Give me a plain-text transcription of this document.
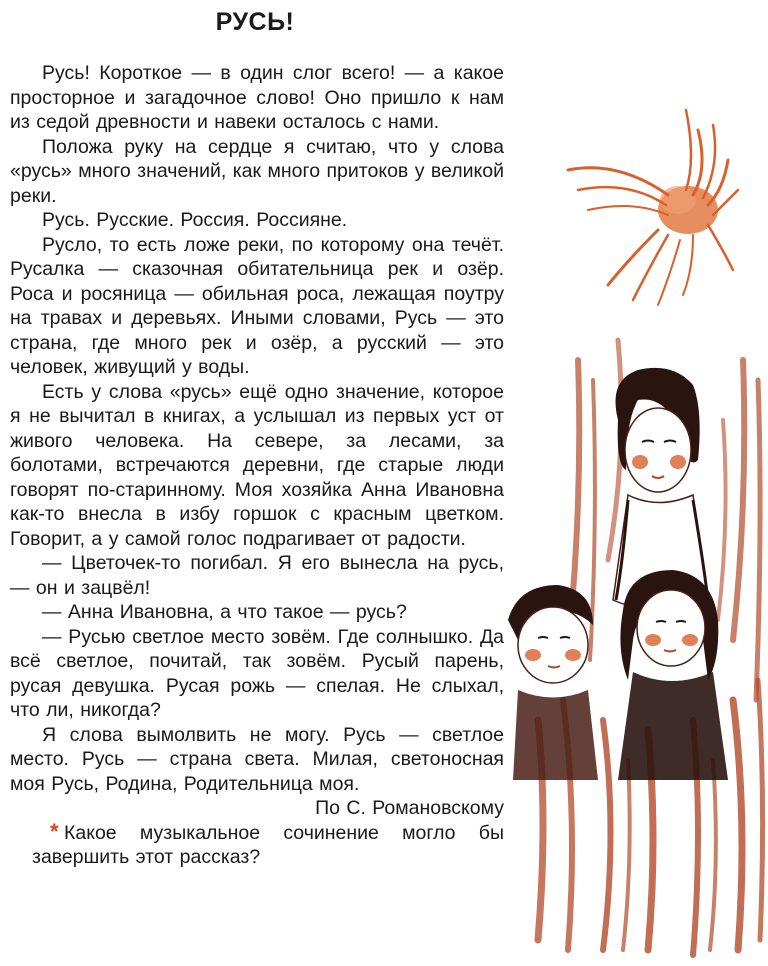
РУСЬ!

Русь! Короткое — в один слог всего! — а какое просторное и загадочное слово! Оно пришло к нам из седой древности и навеки осталось с нами.

Положа руку на сердце я считаю, что у слова «русь» много значений, как много притоков у великой реки.

Русь. Русские. Россия. Россияне.

Русло, то есть ложе реки, по которому она течёт. Русалка — сказочная обитательница рек и озёр. Роса и росяница — обильная роса, лежащая поутру на травах и деревьях. Иными словами, Русь — это страна, где много рек и озёр, а русский — это человек, живущий у воды.

Есть у слова «русь» ещё одно значение, которое я не вычитал в книгах, а услышал из первых уст от живого человека. На севере, за лесами, за болотами, встречаются деревни, где старые люди говорят по-старинному. Моя хозяйка Анна Ивановна как-то внесла в избу горшок с красным цветком. Говорит, а у самой голос подрагивает от радости.

— Цветочек-то погибал. Я его вынесла на русь, — он и зацвёл!

— Анна Ивановна, а что такое — русь?

— Русью светлое место зовём. Где солнышко. Да всё светлое, почитай, так зовём. Русый парень, русая девушка. Русая рожь — спелая. Не слыхал, что ли, никогда?

Я слова вымолвить не могу. Русь — светлое место. Русь — страна света. Милая, светоносная моя Русь, Родина, Родительница моя.

По С. Романовскому

* Какое музыкальное сочинение могло бы завершить этот рассказ?
